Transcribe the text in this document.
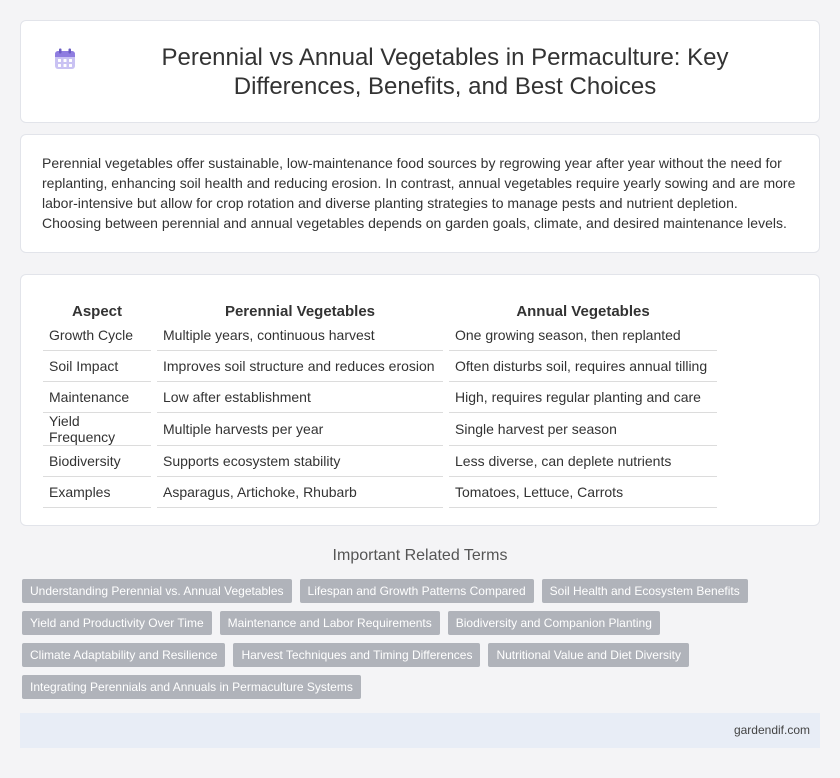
Perennial vs Annual Vegetables in Permaculture: Key Differences, Benefits, and Best Choices

Perennial vegetables offer sustainable, low-maintenance food sources by regrowing year after year without the need for replanting, enhancing soil health and reducing erosion. In contrast, annual vegetables require yearly sowing and are more labor-intensive but allow for crop rotation and diverse planting strategies to manage pests and nutrient depletion. Choosing between perennial and annual vegetables depends on garden goals, climate, and desired maintenance levels.

Aspect		Perennial Vegetables		Annual Vegetables
Growth Cycle		Multiple years, continuous harvest		One growing season, then replanted
Soil Impact		Improves soil structure and reduces erosion		Often disturbs soil, requires annual tilling
Maintenance		Low after establishment		High, requires regular planting and care
Yield Frequency		Multiple harvests per year		Single harvest per season
Biodiversity		Supports ecosystem stability		Less diverse, can deplete nutrients
Examples		Asparagus, Artichoke, Rhubarb		Tomatoes, Lettuce, Carrots
Important Related Terms
Understanding Perennial vs. Annual Vegetables	Lifespan and Growth Patterns Compared	Soil Health and Ecosystem Benefits
Yield and Productivity Over Time	Maintenance and Labor Requirements	Biodiversity and Companion Planting
Climate Adaptability and Resilience	Harvest Techniques and Timing Differences	Nutritional Value and Diet Diversity
Integrating Perennials and Annuals in Permaculture Systems
gardendif.com
